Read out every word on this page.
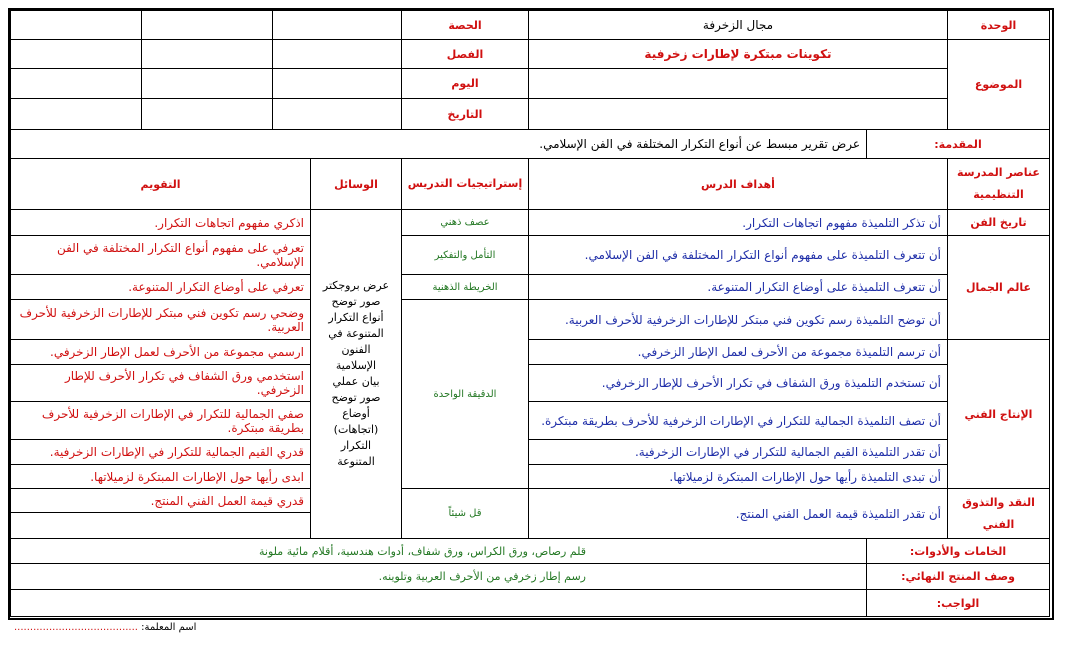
الوحدة
مجال الزخرفة
الحصة
الموضوع
تكوينات مبتكرة لإطارات زخرفية
الفصل
اليوم
التاريخ
المقدمة:
عرض تقرير مبسط عن أنواع التكرار المختلفة في الفن الإسلامي.
عناصر المدرسة التنظيمية
أهداف الدرس
إستراتيجيات التدريس
الوسائل
التقويم
تاريخ الفن
عالم الجمال
الإنتاج الفني
النقد والتذوق الفني
أن تذكر التلميذة مفهوم اتجاهات التكرار.
أن تتعرف التلميذة على مفهوم أنواع التكرار المختلفة في الفن الإسلامي.
أن تتعرف التلميذة على أوضاع التكرار المتنوعة.
أن توضح التلميذة رسم تكوين فني مبتكر للإطارات الزخرفية للأحرف العربية.
أن ترسم التلميذة مجموعة من الأحرف لعمل الإطار الزخرفي.
أن تستخدم التلميذة ورق الشفاف في تكرار الأحرف للإطار الزخرفي.
أن تصف التلميذة الجمالية للتكرار في الإطارات الزخرفية للأحرف بطريقة مبتكرة.
أن تقدر التلميذة القيم الجمالية للتكرار في الإطارات الزخرفية.
أن تبدى التلميذة رأيها حول الإطارات المبتكرة لزميلاتها.
أن تقدر التلميذة قيمة العمل الفني المنتج.
عصف ذهني
التأمل والتفكير
الخريطة الذهنية
الدقيقة الواحدة
قل شيئاً
عرض بروجكتر
صور توضح
أنواع التكرار
المتنوعة في
الفنون
الإسلامية
بيان عملي
صور توضح
أوضاع
(اتجاهات)
التكرار
المتنوعة
اذكري مفهوم اتجاهات التكرار.
تعرفي على مفهوم أنواع التكرار المختلفة في الفن الإسلامي.
تعرفي على أوضاع التكرار المتنوعة.
وضحي رسم تكوين فني مبتكر للإطارات الزخرفية للأحرف العربية.
ارسمي مجموعة من الأحرف لعمل الإطار الزخرفي.
استخدمي ورق الشفاف في تكرار الأحرف للإطار الزخرفي.
صفي الجمالية للتكرار في الإطارات الزخرفية للأحرف بطريقة مبتكرة.
قدري القيم الجمالية للتكرار في الإطارات الزخرفية.
ابدى رأيها حول الإطارات المبتكرة لزميلاتها.
قدري قيمة العمل الفني المنتج.
الخامات والأدوات:
قلم رصاص، ورق الكراس، ورق شفاف، أدوات هندسية، أقلام مائية ملونة
وصف المنتج النهائي:
رسم إطار زخرفي من الأحرف العربية وتلوينه.
الواجب:
اسم المعلمة: .......................................
